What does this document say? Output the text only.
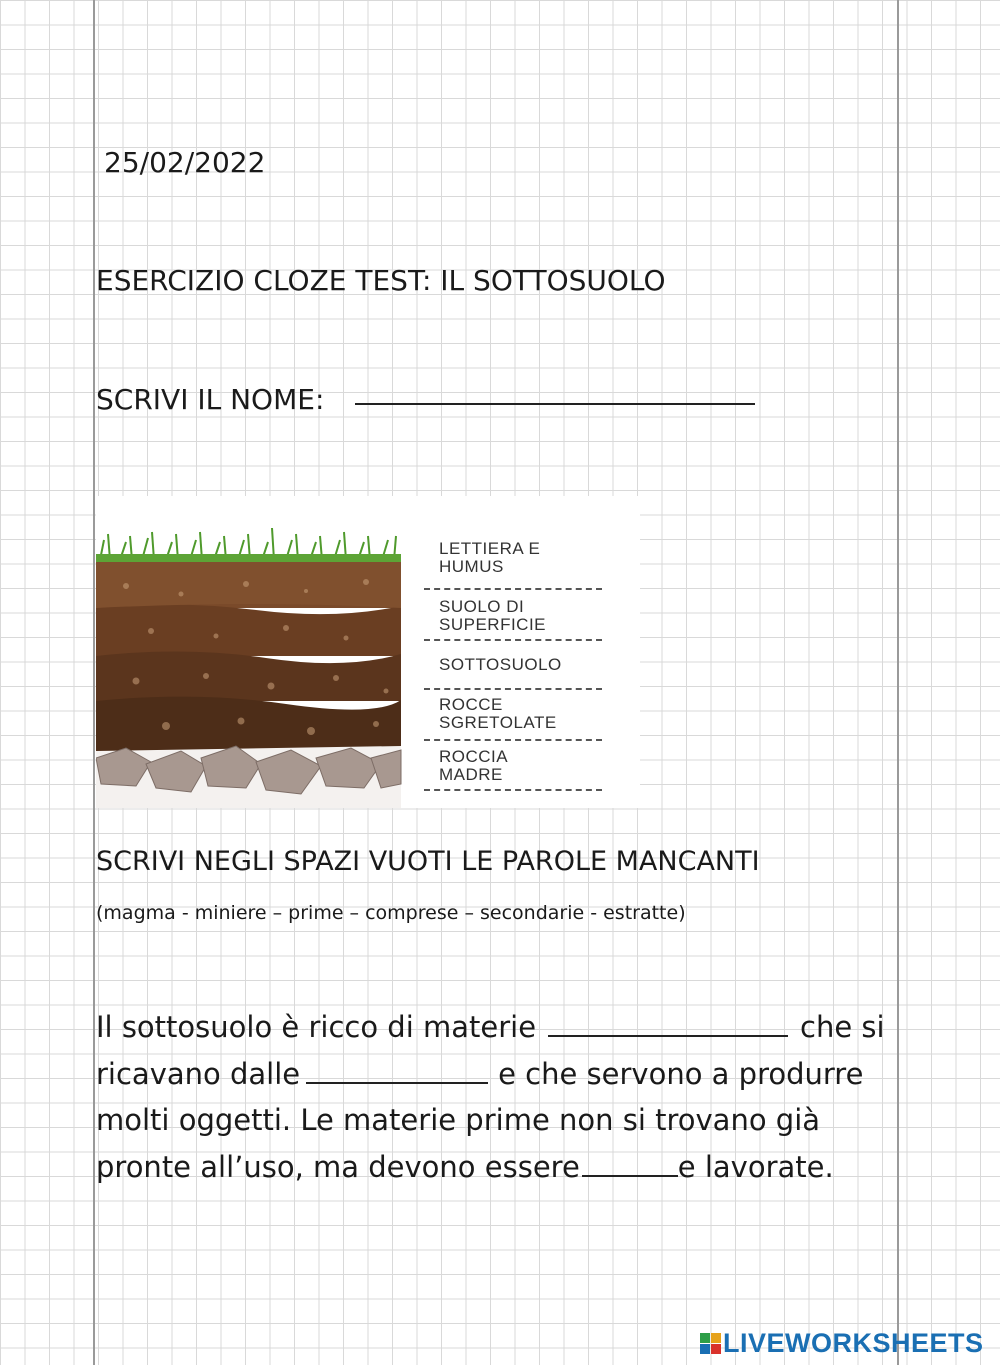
25/02/2022
ESERCIZIO CLOZE TEST: IL SOTTOSUOLO
SCRIVI IL NOME:
LETTIERA E
HUMUS
SUOLO DI
SUPERFICIE
SOTTOSUOLO
ROCCE
SGRETOLATE
ROCCIA
MADRE
SCRIVI NEGLI SPAZI VUOTI LE PAROLE MANCANTI
(magma - miniere – prime – comprese – secondarie - estratte)
Il sottosuolo è ricco di materie	che si ricavano dalle	e che servono a produrre molti oggetti. Le materie prime non si trovano già pronte all’uso, ma devono essere	e lavorate.
LIVEWORKSHEETS
